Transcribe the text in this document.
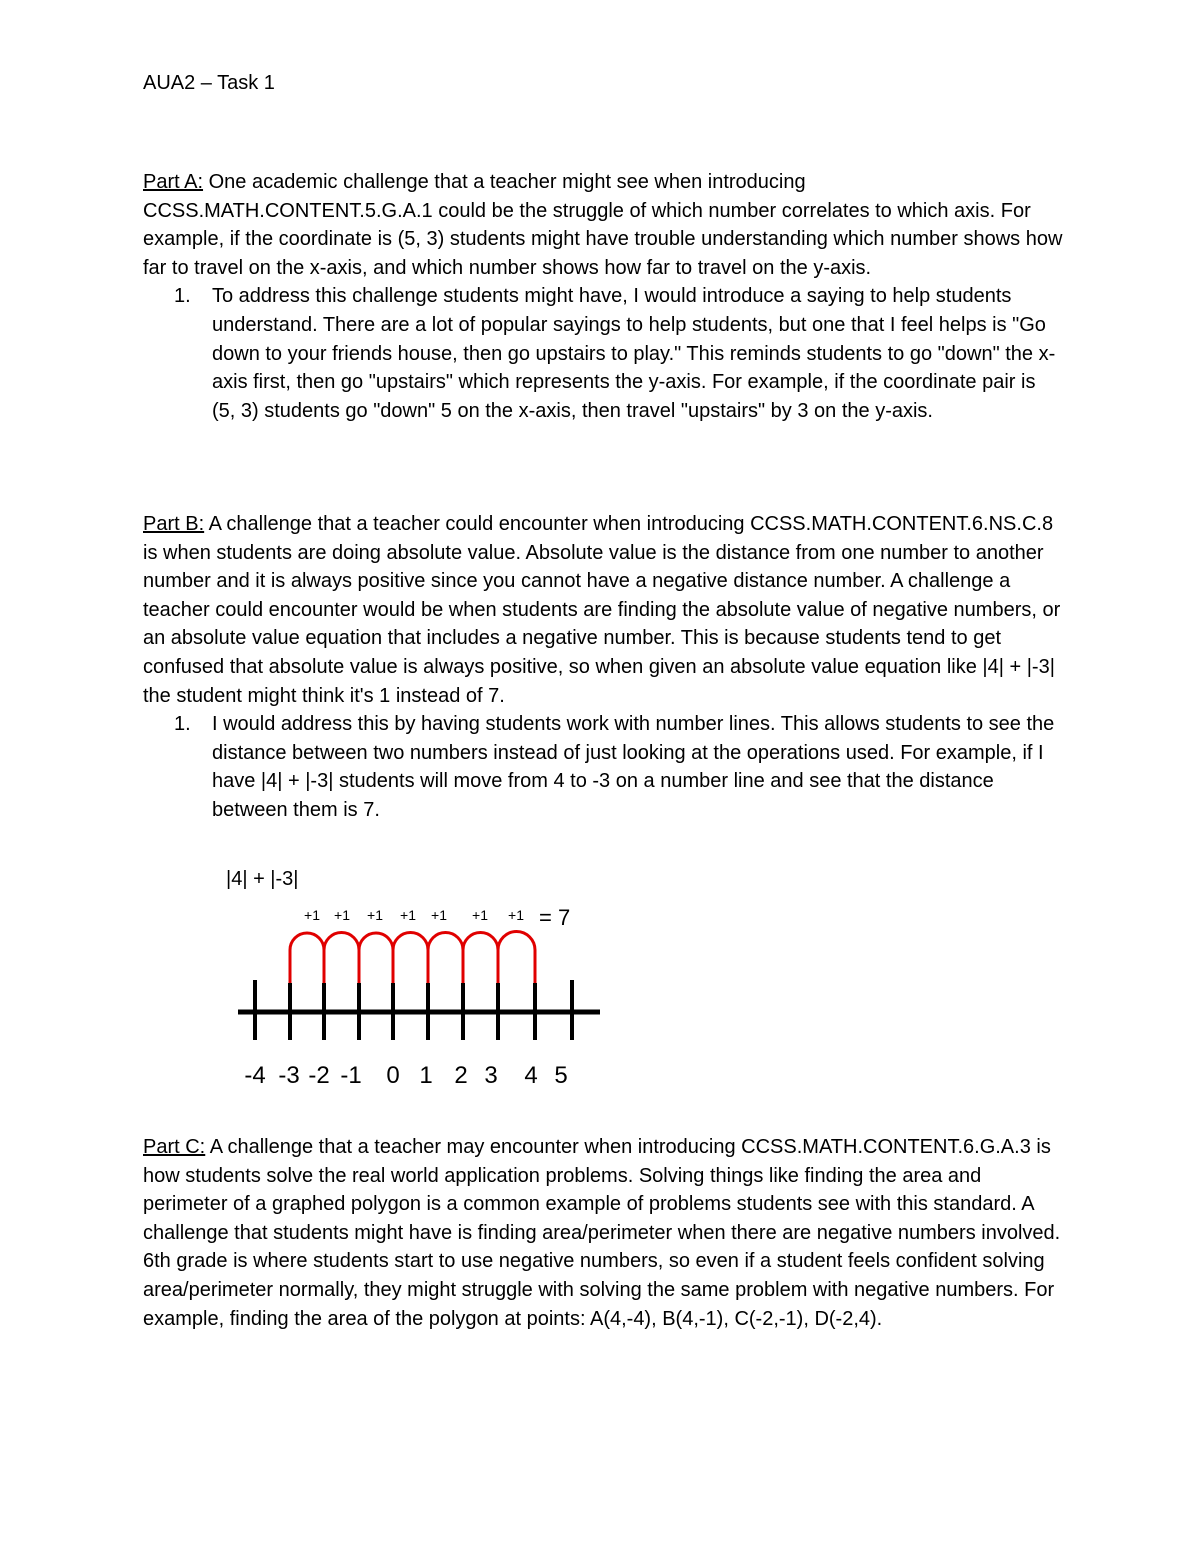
AUA2 – Task 1

Part A: One academic challenge that a teacher might see when introducing CCSS.MATH.CONTENT.5.G.A.1 could be the struggle of which number correlates to which axis. For example, if the coordinate is (5, 3) students might have trouble understanding which number shows how far to travel on the x-axis, and which number shows how far to travel on the y-axis.

1. To address this challenge students might have, I would introduce a saying to help students understand. There are a lot of popular sayings to help students, but one that I feel helps is "Go down to your friends house, then go upstairs to play." This reminds students to go "down" the x-axis first, then go "upstairs" which represents the y-axis. For example, if the coordinate pair is (5, 3) students go "down" 5 on the x-axis, then travel "upstairs" by 3 on the y-axis.

Part B: A challenge that a teacher could encounter when introducing CCSS.MATH.CONTENT.6.NS.C.8 is when students are doing absolute value. Absolute value is the distance from one number to another number and it is always positive since you cannot have a negative distance number. A challenge a teacher could encounter would be when students are finding the absolute value of negative numbers, or an absolute value equation that includes a negative number. This is because students tend to get confused that absolute value is always positive, so when given an absolute value equation like |4| + |-3| the student might think it's 1 instead of 7.

1. I would address this by having students work with number lines. This allows students to see the distance between two numbers instead of just looking at the operations used. For example, if I have |4| + |-3| students will move from 4 to -3 on a number line and see that the distance between them is 7.
|4| + |-3|
+1 +1 +1 +1 +1 +1 +1 = 7
-4 -3 -2 -1 0 1 2 3 4 5

Part C: A challenge that a teacher may encounter when introducing CCSS.MATH.CONTENT.6.G.A.3 is how students solve the real world application problems. Solving things like finding the area and perimeter of a graphed polygon is a common example of problems students see with this standard. A challenge that students might have is finding area/perimeter when there are negative numbers involved. 6th grade is where students start to use negative numbers, so even if a student feels confident solving area/perimeter normally, they might struggle with solving the same problem with negative numbers. For example, finding the area of the polygon at points: A(4,-4), B(4,-1), C(-2,-1), D(-2,4).
